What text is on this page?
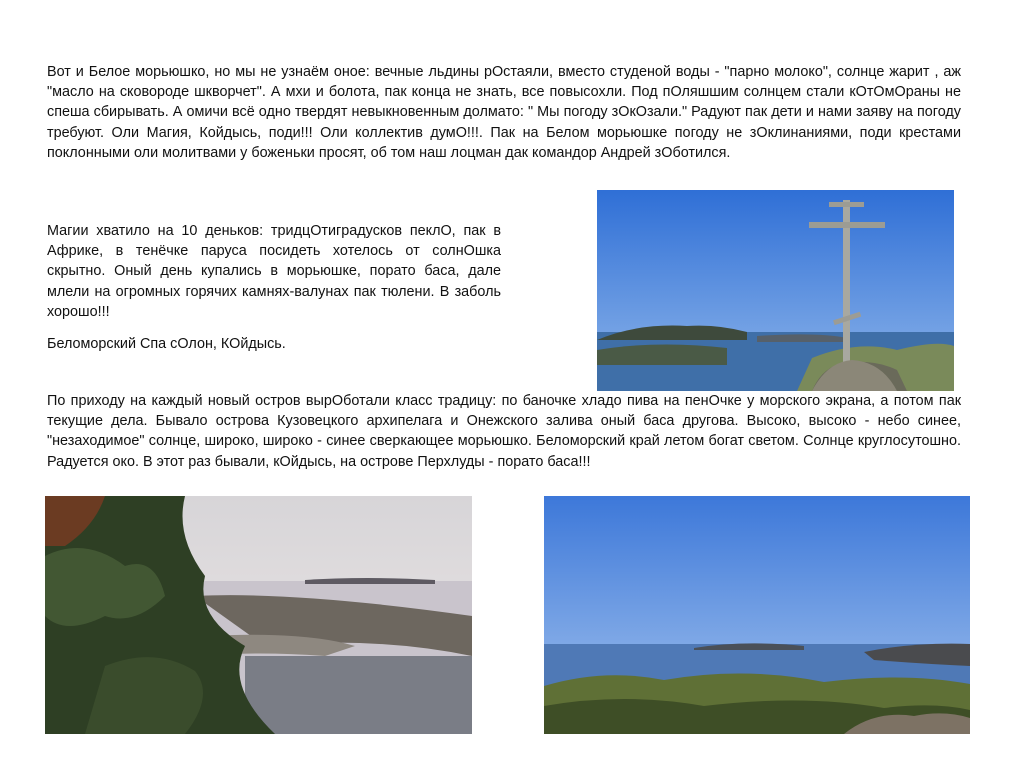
Вот и Белое морьюшко, но мы не узнаём оное: вечные льдины рОстаяли, вместо студеной воды - "парно молоко", солнце жарит , аж "масло на сковороде шкворчет". А мхи и болота, пак конца не знать, все повысохли. Под пОляшшим солнцем стали кОтОмОраны не спеша сбирывать. А омичи всё одно твердят невыкновенным долмато: " Мы погоду зОкОзали." Радуют пак дети и нами заяву на погоду требуют. Оли Магия, Койдысь, поди!!! Оли коллектив думО!!!. Пак на Белом морьюшке погоду не зОклинаниями, поди крестами поклонными оли молитвами у боженьки просят, об том наш лоцман дак командор Андрей зОботился.

Магии хватило на 10 деньков: тридцОтиградусков пеклО, пак в Африке, в тенёчке паруса посидеть хотелось от солнОшка скрытно. Оный день купались в морьюшке, порато баса, дале млели на огромных горячих камнях-валунах пак тюлени. В заболь хорошо!!!

Беломорский Спа сОлон, КОйдысь.

По приходу на каждый новый остров вырОботали класс традицу: по баночке хладо пива на пенОчке у морского экрана, а потом пак текущие дела. Бывало острова Кузовецкого архипелага и Онежского залива оный баса другова. Высоко, высоко - небо синее, "незаходимое" солнце, широко, широко - синее сверкающее морьюшко. Беломорский край летом богат светом. Солнце круглосутошно. Радуется око. В этот раз бывали, кОйдысь, на острове Перхлуды - порато баса!!!
